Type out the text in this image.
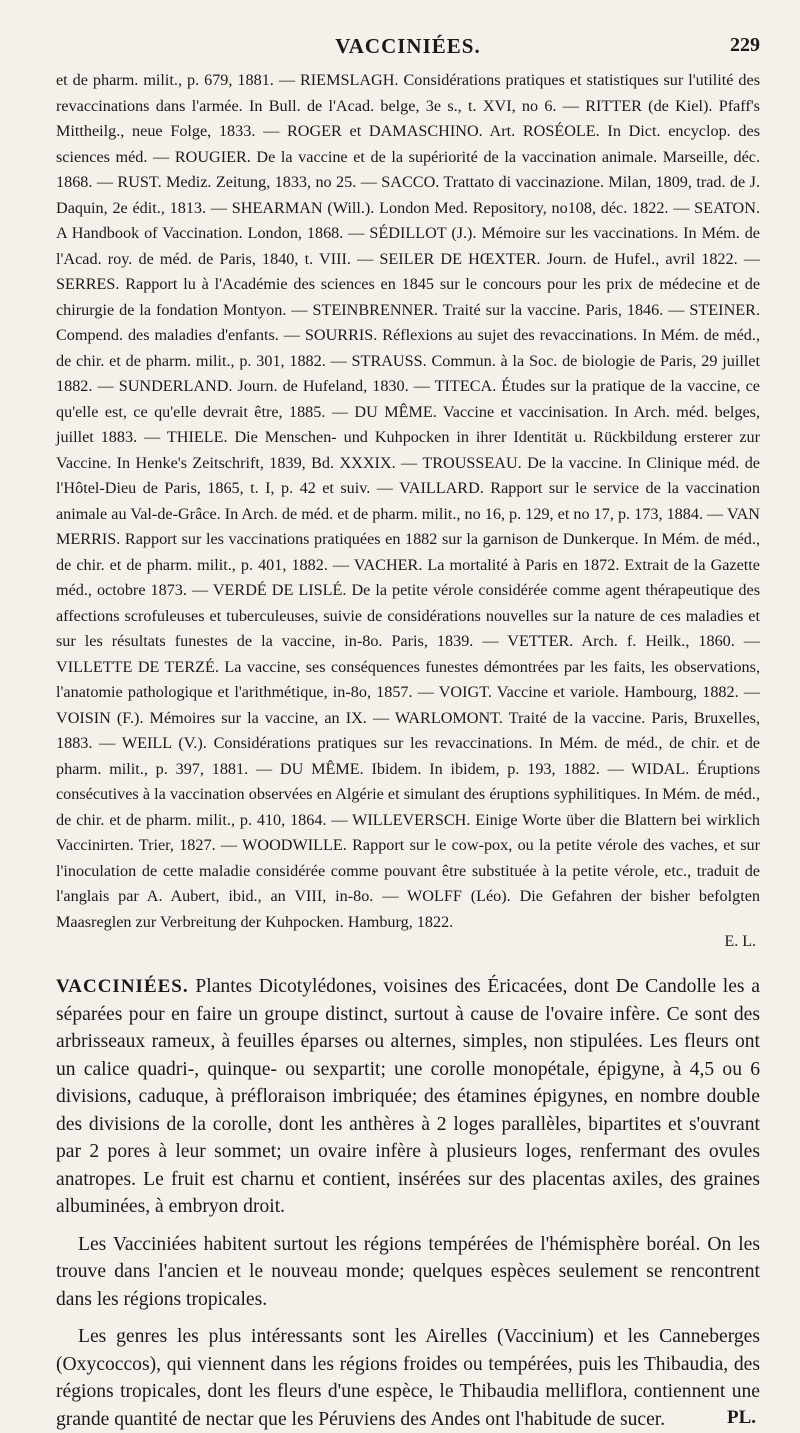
VACCINIÉES.	229

et de pharm. milit., p. 679, 1881. — RIEMSLAGH. Considérations pratiques et statistiques sur l'utilité des revaccinations dans l'armée. In Bull. de l'Acad. belge, 3e s., t. XVI, no 6. — RITTER (de Kiel). Pfaff's Mittheilg., neue Folge, 1833. — ROGER et DAMASCHINO. Art. ROSÉOLE. In Dict. encyclop. des sciences méd. — ROUGIER. De la vaccine et de la supériorité de la vaccination animale. Marseille, déc. 1868. — RUST. Mediz. Zeitung, 1833, no 25. — SACCO. Trattato di vaccinazione. Milan, 1809, trad. de J. Daquin, 2e édit., 1813. — SHEARMAN (Will.). London Med. Repository, no108, déc. 1822. — SEATON. A Handbook of Vaccination. London, 1868. — SÉDILLOT (J.). Mémoire sur les vaccinations. In Mém. de l'Acad. roy. de méd. de Paris, 1840, t. VIII. — SEILER DE HŒXTER. Journ. de Hufel., avril 1822. — SERRES. Rapport lu à l'Académie des sciences en 1845 sur le concours pour les prix de médecine et de chirurgie de la fondation Montyon. — STEINBRENNER. Traité sur la vaccine. Paris, 1846. — STEINER. Compend. des maladies d'enfants. — SOURRIS. Réflexions au sujet des revaccinations. In Mém. de méd., de chir. et de pharm. milit., p. 301, 1882. — STRAUSS. Commun. à la Soc. de biologie de Paris, 29 juillet 1882. — SUNDERLAND. Journ. de Hufeland, 1830. — TITECA. Études sur la pratique de la vaccine, ce qu'elle est, ce qu'elle devrait être, 1885. — DU MÊME. Vaccine et vaccinisation. In Arch. méd. belges, juillet 1883. — THIELE. Die Menschen- und Kuhpocken in ihrer Identität u. Rückbildung ersterer zur Vaccine. In Henke's Zeitschrift, 1839, Bd. XXXIX. — TROUSSEAU. De la vaccine. In Clinique méd. de l'Hôtel-Dieu de Paris, 1865, t. I, p. 42 et suiv. — VAILLARD. Rapport sur le service de la vaccination animale au Val-de-Grâce. In Arch. de méd. et de pharm. milit., no 16, p. 129, et no 17, p. 173, 1884. — VAN MERRIS. Rapport sur les vaccinations pratiquées en 1882 sur la garnison de Dunkerque. In Mém. de méd., de chir. et de pharm. milit., p. 401, 1882. — VACHER. La mortalité à Paris en 1872. Extrait de la Gazette méd., octobre 1873. — VERDÉ DE LISLÉ. De la petite vérole considérée comme agent thérapeutique des affections scrofuleuses et tuberculeuses, suivie de considérations nouvelles sur la nature de ces maladies et sur les résultats funestes de la vaccine, in-8o. Paris, 1839. — VETTER. Arch. f. Heilk., 1860. — VILLETTE DE TERZÉ. La vaccine, ses conséquences funestes démontrées par les faits, les observations, l'anatomie pathologique et l'arithmétique, in-8o, 1857. — VOIGT. Vaccine et variole. Hambourg, 1882. — VOISIN (F.). Mémoires sur la vaccine, an IX. — WARLOMONT. Traité de la vaccine. Paris, Bruxelles, 1883. — WEILL (V.). Considérations pratiques sur les revaccinations. In Mém. de méd., de chir. et de pharm. milit., p. 397, 1881. — DU MÊME. Ibidem. In ibidem, p. 193, 1882. — WIDAL. Éruptions consécutives à la vaccination observées en Algérie et simulant des éruptions syphilitiques. In Mém. de méd., de chir. et de pharm. milit., p. 410, 1864. — WILLEVERSCH. Einige Worte über die Blattern bei wirklich Vaccinirten. Trier, 1827. — WOODWILLE. Rapport sur le cow-pox, ou la petite vérole des vaches, et sur l'inoculation de cette maladie considérée comme pouvant être substituée à la petite vérole, etc., traduit de l'anglais par A. Aubert, ibid., an VIII, in-8o. — WOLFF (Léo). Die Gefahren der bisher befolgten Maasreglen zur Verbreitung der Kuhpocken. Hamburg, 1822.

E. L.

VACCINIÉES. Plantes Dicotylédones, voisines des Éricacées, dont De Candolle les a séparées pour en faire un groupe distinct, surtout à cause de l'ovaire infère. Ce sont des arbrisseaux rameux, à feuilles éparses ou alternes, simples, non stipulées. Les fleurs ont un calice quadri-, quinque- ou sexpartit; une corolle monopétale, épigyne, à 4,5 ou 6 divisions, caduque, à préfloraison imbriquée; des étamines épigynes, en nombre double des divisions de la corolle, dont les anthères à 2 loges parallèles, bipartites et s'ouvrant par 2 pores à leur sommet; un ovaire infère à plusieurs loges, renfermant des ovules anatropes. Le fruit est charnu et contient, insérées sur des placentas axiles, des graines albuminées, à embryon droit.

Les Vacciniées habitent surtout les régions tempérées de l'hémisphère boréal. On les trouve dans l'ancien et le nouveau monde; quelques espèces seulement se rencontrent dans les régions tropicales.

Les genres les plus intéressants sont les Airelles (Vaccinium) et les Canneberges (Oxycoccos), qui viennent dans les régions froides ou tempérées, puis les Thibaudia, des régions tropicales, dont les fleurs d'une espèce, le Thibaudia melliflora, contiennent une grande quantité de nectar que les Péruviens des Andes ont l'habitude de sucer.	PL.
